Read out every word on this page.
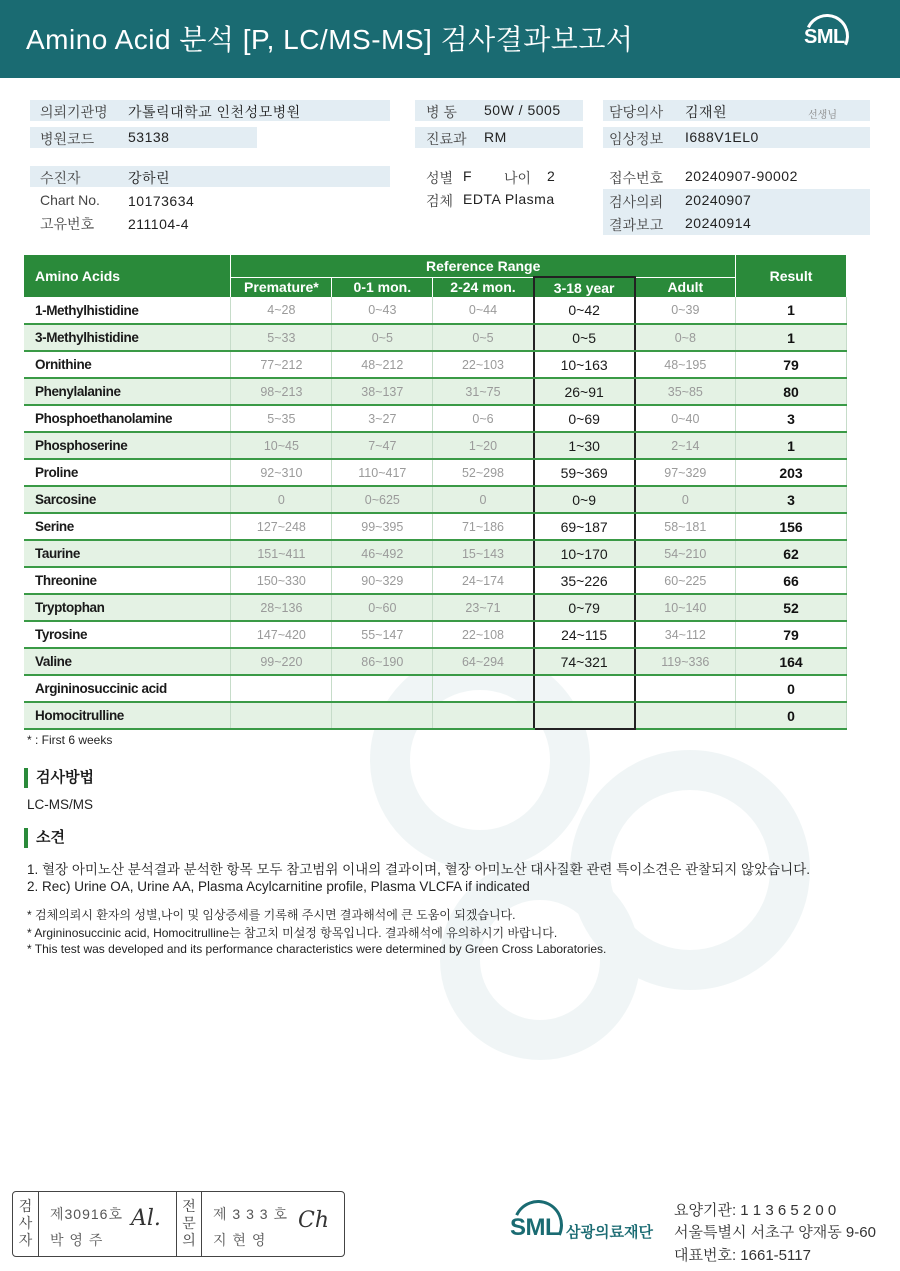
Amino Acid 분석 [P, LC/MS-MS] 검사결과보고서	SML
의뢰기관명 가톨릭대학교 인천성모병원
병원코드 53138
병 동 50W / 5005
진료과 RM
담당의사 김재원	선생님
임상정보 I688V1EL0
수진자	강하린
Chart No. 10173634
고유번호 211104-4
성별 F 나이 2
검체 EDTA Plasma
접수번호 20240907-90002
검사의뢰 20240907
결과보고 20240914
Amino Acids	Reference Range					Result
	Premature*	0-1 mon.	2-24 mon.	3-18 year	Adult	
1-Methylhistidine	4~28	0~43	0~44	0~42	0~39	1
3-Methylhistidine	5~33	0~5	0~5	0~5	0~8	1
Ornithine	77~212	48~212	22~103	10~163	48~195	79
Phenylalanine	98~213	38~137	31~75	26~91	35~85	80
Phosphoethanolamine	5~35	3~27	0~6	0~69	0~40	3
Phosphoserine	10~45	7~47	1~20	1~30	2~14	1
Proline	92~310	110~417	52~298	59~369	97~329	203
Sarcosine	0	0~625	0	0~9	0	3
Serine	127~248	99~395	71~186	69~187	58~181	156
Taurine	151~411	46~492	15~143	10~170	54~210	62
Threonine	150~330	90~329	24~174	35~226	60~225	66
Tryptophan	28~136	0~60	23~71	0~79	10~140	52
Tyrosine	147~420	55~147	22~108	24~115	34~112	79
Valine	99~220	86~190	64~294	74~321	119~336	164
Argininosuccinic acid						0
Homocitrulline						0
* : First 6 weeks
검사방법
LC-MS/MS
소견
1. 혈장 아미노산 분석결과 분석한 항목 모두 참고범위 이내의 결과이며, 혈장 아미노산 대사질환 관련 특이소견은 관찰되지 않았습니다.
2. Rec) Urine OA, Urine AA, Plasma Acylcarnitine profile, Plasma VLCFA if indicated
* 검체의뢰시 환자의 성별,나이 및 임상증세를 기록해 주시면 결과해석에 큰 도움이 되겠습니다.
* Argininosuccinic acid, Homocitrulline는 참고치 미설정 항목입니다. 결과해석에 유의하시기 바랍니다.
* This test was developed and its performance characteristics were determined by Green Cross Laboratories.
검
사
자
제30916호
박 영 주
Al.	전
문
의
제 3 3 3 호
지 현 영
Ch	SML 삼광의료재단
요양기관: 1 1 3 6 5 2 0 0
서울특별시 서초구 양재동 9-60
대표번호: 1661-5117
